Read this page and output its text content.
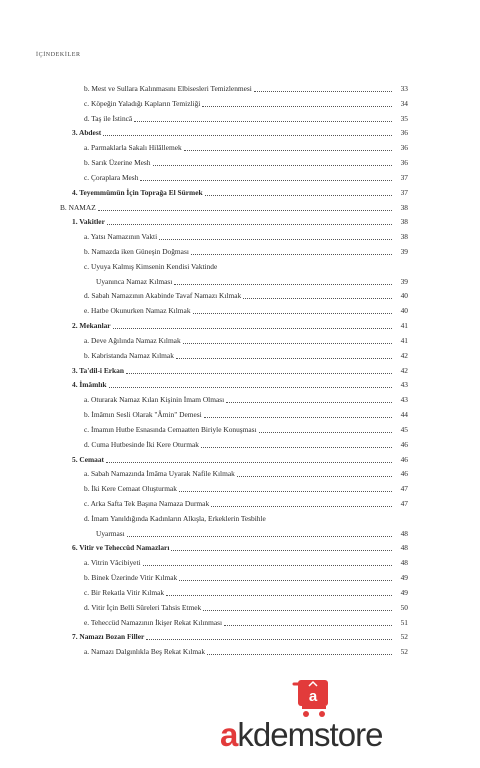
İÇİNDEKİLER
b. Mest ve Sullara Kalınmasını Elbisesleri Temizlenmesi	33
c. Köpeğin Yaladığı Kapların Temizliği	34
d. Taş ile İstincâ	35
3. Abdest	36
a. Parmaklarla Sakalı Hilâllemek	36
b. Sarık Üzerine Mesh	36
c. Çoraplara Mesh	37
4. Teyemmümün İçin Toprağa El Sürmek	37
B. NAMAZ	38
1. Vakitler	38
a. Yatsı Namazının Vakti	38
b. Namazda iken Güneşin Doğması	39
c. Uyuya Kalmış Kimsenin Kendisi Vaktinde
Uyanınca Namaz Kılması	39
d. Sabah Namazının Akabinde Tavaf Namazı Kılmak	40
e. Hatbe Okunurken Namaz Kılmak	40
2. Mekanlar	41
a. Deve Ağılında Namaz Kılmak	41
b. Kabristanda Namaz Kılmak	42
3. Ta'dil-i Erkan	42
4. İmâmlık	43
a. Oturarak Namaz Kılan Kişinin İmam Olması	43
b. İmâmın Sesli Olarak "Âmin" Demesi	44
c. İmamın Hutbe Esnasında Cemaatten Biriyle Konuşması	45
d. Cuma Hutbesinde İki Kere Oturmak	46
5. Cemaat	46
a. Sabah Namazında İmâma Uyarak Nafile Kılmak	46
b. İki Kere Cemaat Oluşturmak	47
c. Arka Safta Tek Başına Namaza Durmak	47
d. İmam Yanıldığında Kadınların Alkışla, Erkeklerin Tesbihle
Uyarması	48
6. Vitir ve Teheccüd Namazları	48
a. Vitrin Vâcibiyeti	48
b. Binek Üzerinde Vitir Kılmak	49
c. Bir Rekatla Vitir Kılmak	49
d. Vitir İçin Belli Sûreleri Tahsis Etmek	50
e. Teheccüd Namazının İkişer Rekat Kılınması	51
7. Namazı Bozan Filler	52
a. Namazı Dalgınlıkla Beş Rekat Kılmak	52
a
akdemstore
